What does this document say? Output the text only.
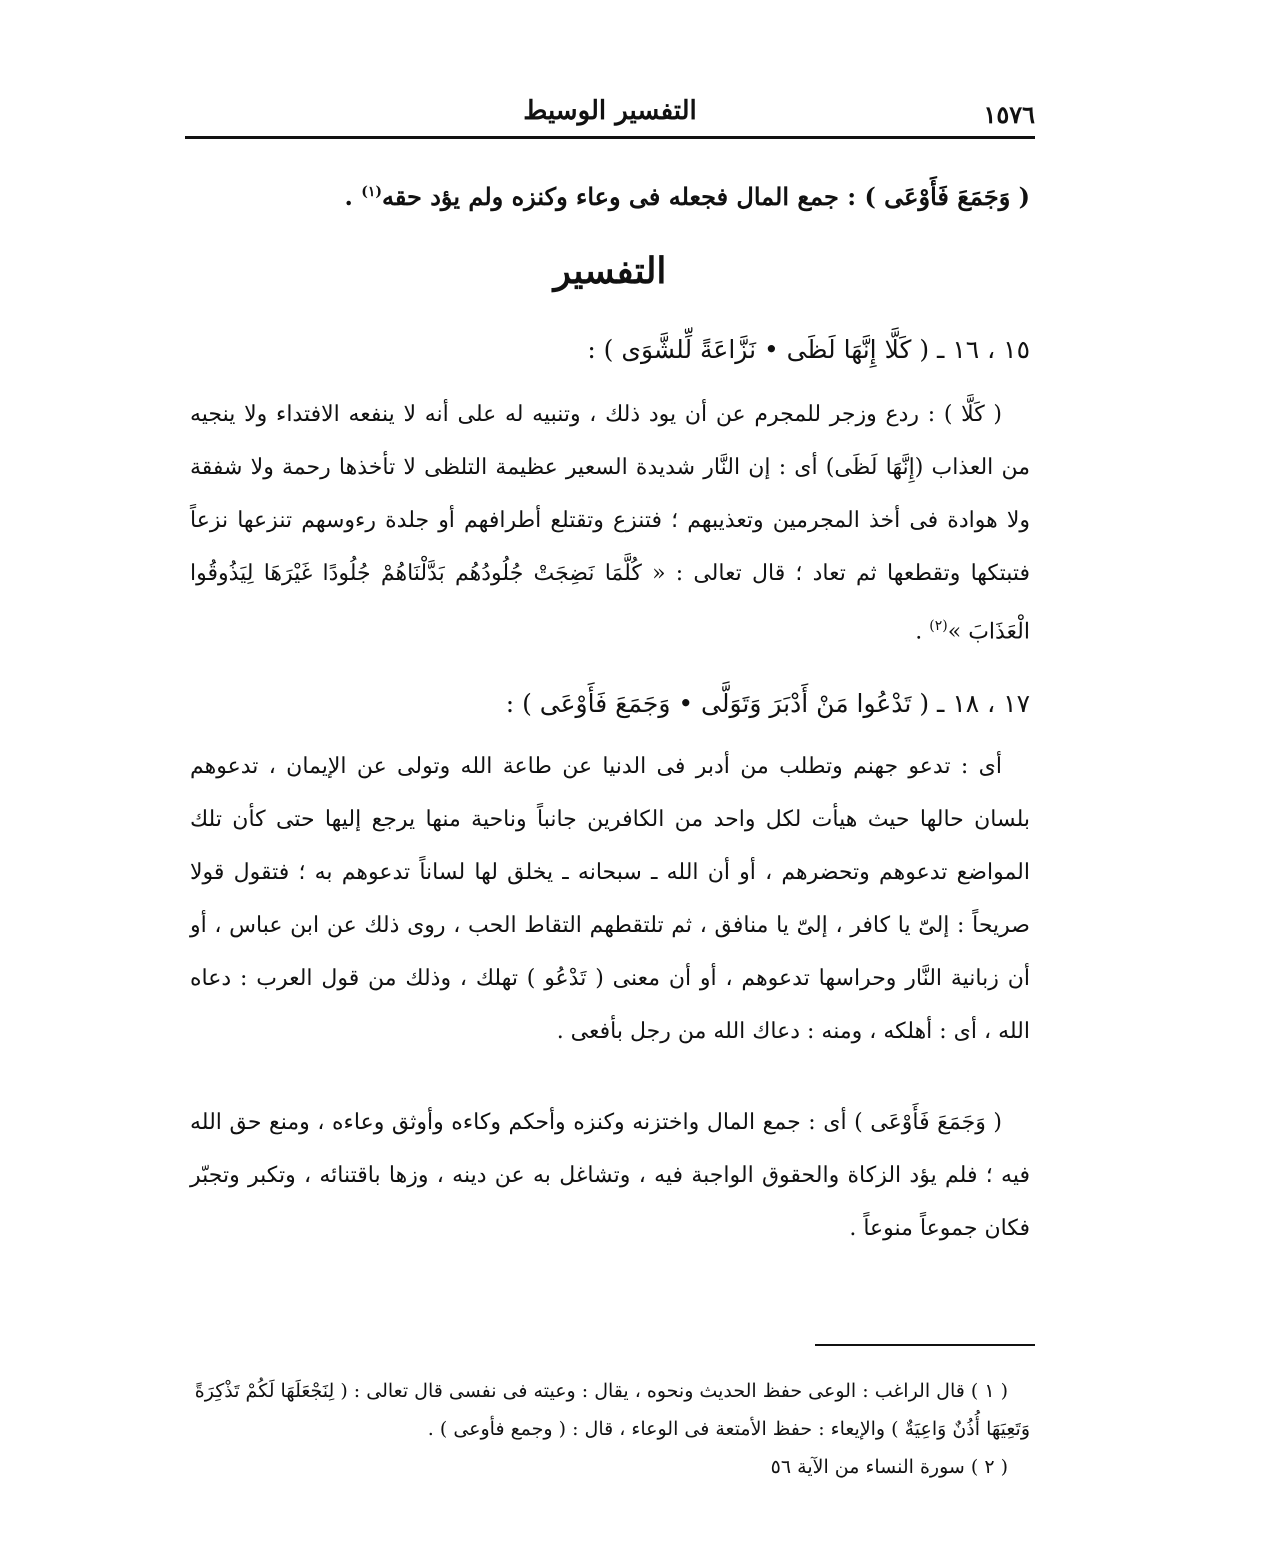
١٥٧٦
التفسير الوسيط
( وَجَمَعَ فَأَوْعَى ) : جمع المال فجعله فى وعاء وكنزه ولم يؤد حقه$^{(١)}$ .
التفسير
١٥ ، ١٦ ـ ( كَلَّا إِنَّهَا لَظَى • نَزَّاعَةً لِّلشَّوَى ) :
( كَلَّا ) : ردع وزجر للمجرم عن أن يود ذلك ، وتنبيه له على أنه لا ينفعه الافتداء ولا ينجيه من العذاب (إِنَّهَا لَظَى) أى : إن النَّار شديدة السعير عظيمة التلظى لا تأخذها رحمة ولا شفقة ولا هوادة فى أخذ المجرمين وتعذيبهم ؛ فتنزع وتقتلع أطرافهم أو جلدة رءوسهم تنزعها نزعاً فتبتكها وتقطعها ثم تعاد ؛ قال تعالى : « كُلَّمَا نَضِجَتْ جُلُودُهُم بَدَّلْنَاهُمْ جُلُودًا غَيْرَهَا لِيَذُوقُوا الْعَذَابَ »$^{(٢)}$ .
١٧ ، ١٨ ـ ( تَدْعُوا مَنْ أَدْبَرَ وَتَوَلَّى • وَجَمَعَ فَأَوْعَى ) :
أى : تدعو جهنم وتطلب من أدبر فى الدنيا عن طاعة الله وتولى عن الإيمان ، تدعوهم بلسان حالها حيث هيأت لكل واحد من الكافرين جانباً وناحية منها يرجع إليها حتى كأن تلك المواضع تدعوهم وتحضرهم ، أو أن الله ـ سبحانه ـ يخلق لها لساناً تدعوهم به ؛ فتقول قولا صريحاً : إلىّ يا كافر ، إلىّ يا منافق ، ثم تلتقطهم التقاط الحب ، روى ذلك عن ابن عباس ، أو أن زبانية النَّار وحراسها تدعوهم ، أو أن معنى ( تَدْعُو ) تهلك ، وذلك من قول العرب : دعاه الله ، أى : أهلكه ، ومنه : دعاك الله من رجل بأفعى .
( وَجَمَعَ فَأَوْعَى ) أى : جمع المال واختزنه وكنزه وأحكم وكاءه وأوثق وعاءه ، ومنع حق الله فيه ؛ فلم يؤد الزكاة والحقوق الواجبة فيه ، وتشاغل به عن دينه ، وزها باقتنائه ، وتكبر وتجبّر فكان جموعاً منوعاً .

( ١ ) قال الراغب : الوعى حفظ الحديث ونحوه ، يقال : وعيته فى نفسى قال تعالى : ( لِنَجْعَلَهَا لَكُمْ تَذْكِرَةً وَتَعِيَهَا أُذُنٌ وَاعِيَةٌ ) والإيعاء : حفظ الأمتعة فى الوعاء ، قال : ( وجمع فأوعى ) .

( ٢ ) سورة النساء من الآية ٥٦
